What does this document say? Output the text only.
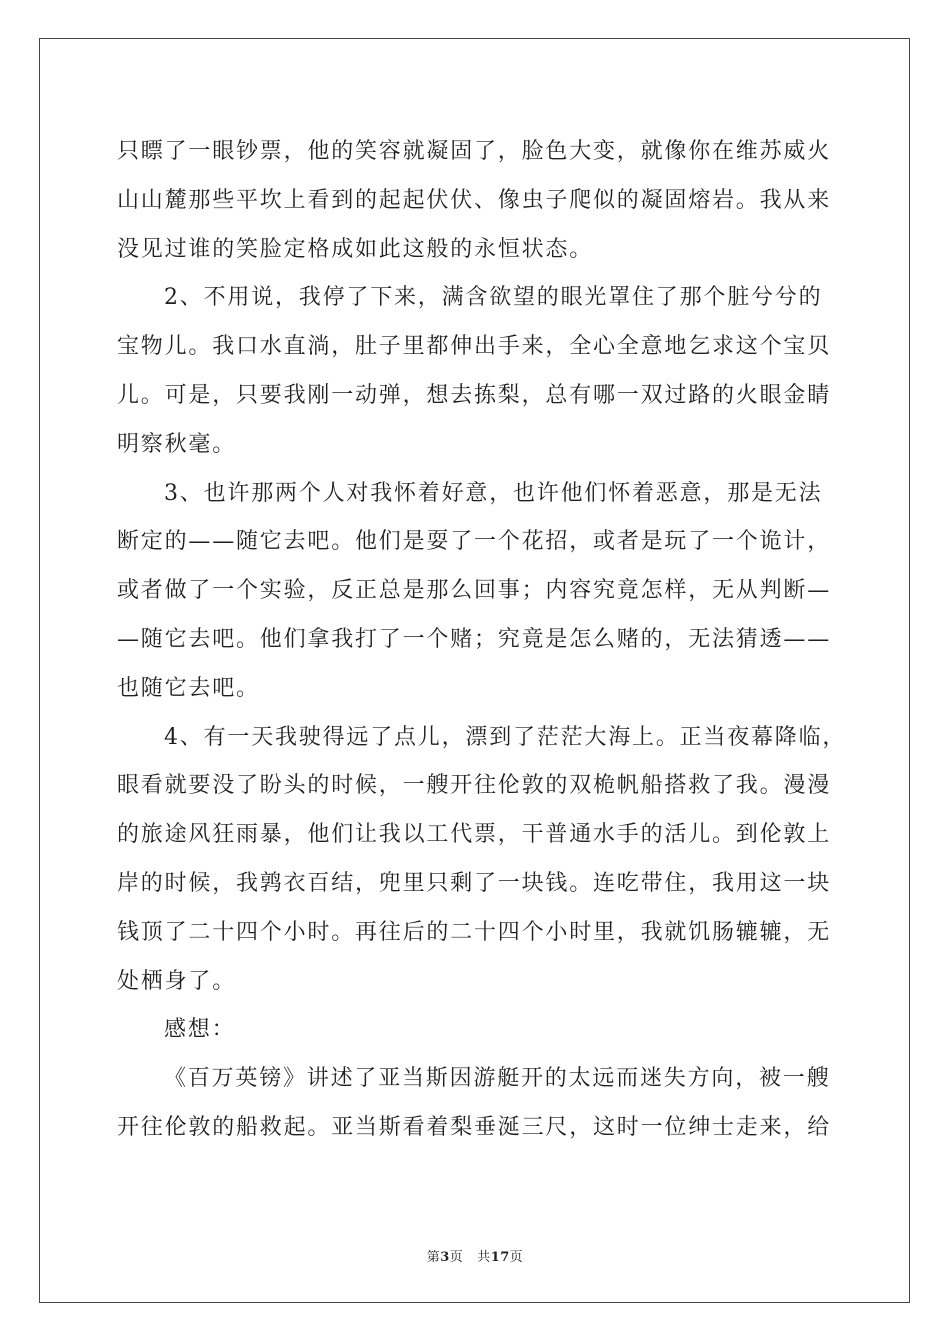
只瞟了一眼钞票，他的笑容就凝固了，脸色大变，就像你在维苏威火

山山麓那些平坎上看到的起起伏伏、像虫子爬似的凝固熔岩。我从来

没见过谁的笑脸定格成如此这般的永恒状态。

2、不用说，我停了下来，满含欲望的眼光罩住了那个脏兮兮的

宝物儿。我口水直淌，肚子里都伸出手来，全心全意地乞求这个宝贝

儿。可是，只要我刚一动弹，想去拣梨，总有哪一双过路的火眼金睛

明察秋毫。

3、也许那两个人对我怀着好意，也许他们怀着恶意，那是无法

断定的——随它去吧。他们是耍了一个花招，或者是玩了一个诡计，

或者做了一个实验，反正总是那么回事；内容究竟怎样，无从判断—

—随它去吧。他们拿我打了一个赌；究竟是怎么赌的，无法猜透——

也随它去吧。

4、有一天我驶得远了点儿，漂到了茫茫大海上。正当夜幕降临，

眼看就要没了盼头的时候，一艘开往伦敦的双桅帆船搭救了我。漫漫

的旅途风狂雨暴，他们让我以工代票，干普通水手的活儿。到伦敦上

岸的时候，我鹑衣百结，兜里只剩了一块钱。连吃带住，我用这一块

钱顶了二十四个小时。再往后的二十四个小时里，我就饥肠辘辘，无

处栖身了。

感想：

《百万英镑》讲述了亚当斯因游艇开的太远而迷失方向，被一艘

开往伦敦的船救起。亚当斯看着梨垂涎三尺，这时一位绅士走来，给

第3页 共17页
